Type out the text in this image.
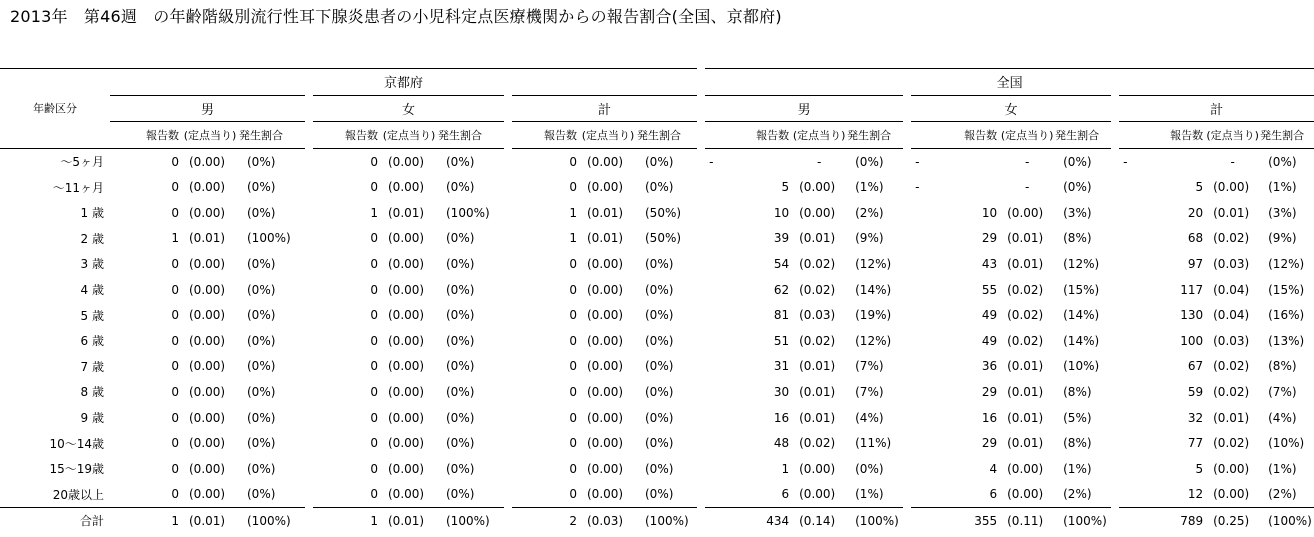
2013年　第46週　の年齢階級別流行性耳下腺炎患者の小児科定点医療機関からの報告割合(全国、京都府)
年齢区分	京都府									全国								
	男			女			計			男			女			計		
	報告数	(定点当り)	発生割合	報告数	(定点当り)	発生割合	報告数	(定点当り)	発生割合	報告数	(定点当り)	発生割合	報告数	(定点当り)	発生割合	報告数	(定点当り)	発生割合
～5ヶ月	0	(0.00)	(0%)	0	(0.00)	(0%)	0	(0.00)	(0%)	-	-	(0%)	-	-	(0%)	-	-	(0%)
～11ヶ月	0	(0.00)	(0%)	0	(0.00)	(0%)	0	(0.00)	(0%)	5	(0.00)	(1%)	-	-	(0%)	5	(0.00)	(1%)
1 歳	0	(0.00)	(0%)	1	(0.01)	(100%)	1	(0.01)	(50%)	10	(0.00)	(2%)	10	(0.00)	(3%)	20	(0.01)	(3%)
2 歳	1	(0.01)	(100%)	0	(0.00)	(0%)	1	(0.01)	(50%)	39	(0.01)	(9%)	29	(0.01)	(8%)	68	(0.02)	(9%)
3 歳	0	(0.00)	(0%)	0	(0.00)	(0%)	0	(0.00)	(0%)	54	(0.02)	(12%)	43	(0.01)	(12%)	97	(0.03)	(12%)
4 歳	0	(0.00)	(0%)	0	(0.00)	(0%)	0	(0.00)	(0%)	62	(0.02)	(14%)	55	(0.02)	(15%)	117	(0.04)	(15%)
5 歳	0	(0.00)	(0%)	0	(0.00)	(0%)	0	(0.00)	(0%)	81	(0.03)	(19%)	49	(0.02)	(14%)	130	(0.04)	(16%)
6 歳	0	(0.00)	(0%)	0	(0.00)	(0%)	0	(0.00)	(0%)	51	(0.02)	(12%)	49	(0.02)	(14%)	100	(0.03)	(13%)
7 歳	0	(0.00)	(0%)	0	(0.00)	(0%)	0	(0.00)	(0%)	31	(0.01)	(7%)	36	(0.01)	(10%)	67	(0.02)	(8%)
8 歳	0	(0.00)	(0%)	0	(0.00)	(0%)	0	(0.00)	(0%)	30	(0.01)	(7%)	29	(0.01)	(8%)	59	(0.02)	(7%)
9 歳	0	(0.00)	(0%)	0	(0.00)	(0%)	0	(0.00)	(0%)	16	(0.01)	(4%)	16	(0.01)	(5%)	32	(0.01)	(4%)
10～14歳	0	(0.00)	(0%)	0	(0.00)	(0%)	0	(0.00)	(0%)	48	(0.02)	(11%)	29	(0.01)	(8%)	77	(0.02)	(10%)
15～19歳	0	(0.00)	(0%)	0	(0.00)	(0%)	0	(0.00)	(0%)	1	(0.00)	(0%)	4	(0.00)	(1%)	5	(0.00)	(1%)
20歳以上	0	(0.00)	(0%)	0	(0.00)	(0%)	0	(0.00)	(0%)	6	(0.00)	(1%)	6	(0.00)	(2%)	12	(0.00)	(2%)
合計	1	(0.01)	(100%)	1	(0.01)	(100%)	2	(0.03)	(100%)	434	(0.14)	(100%)	355	(0.11)	(100%)	789	(0.25)	(100%)
